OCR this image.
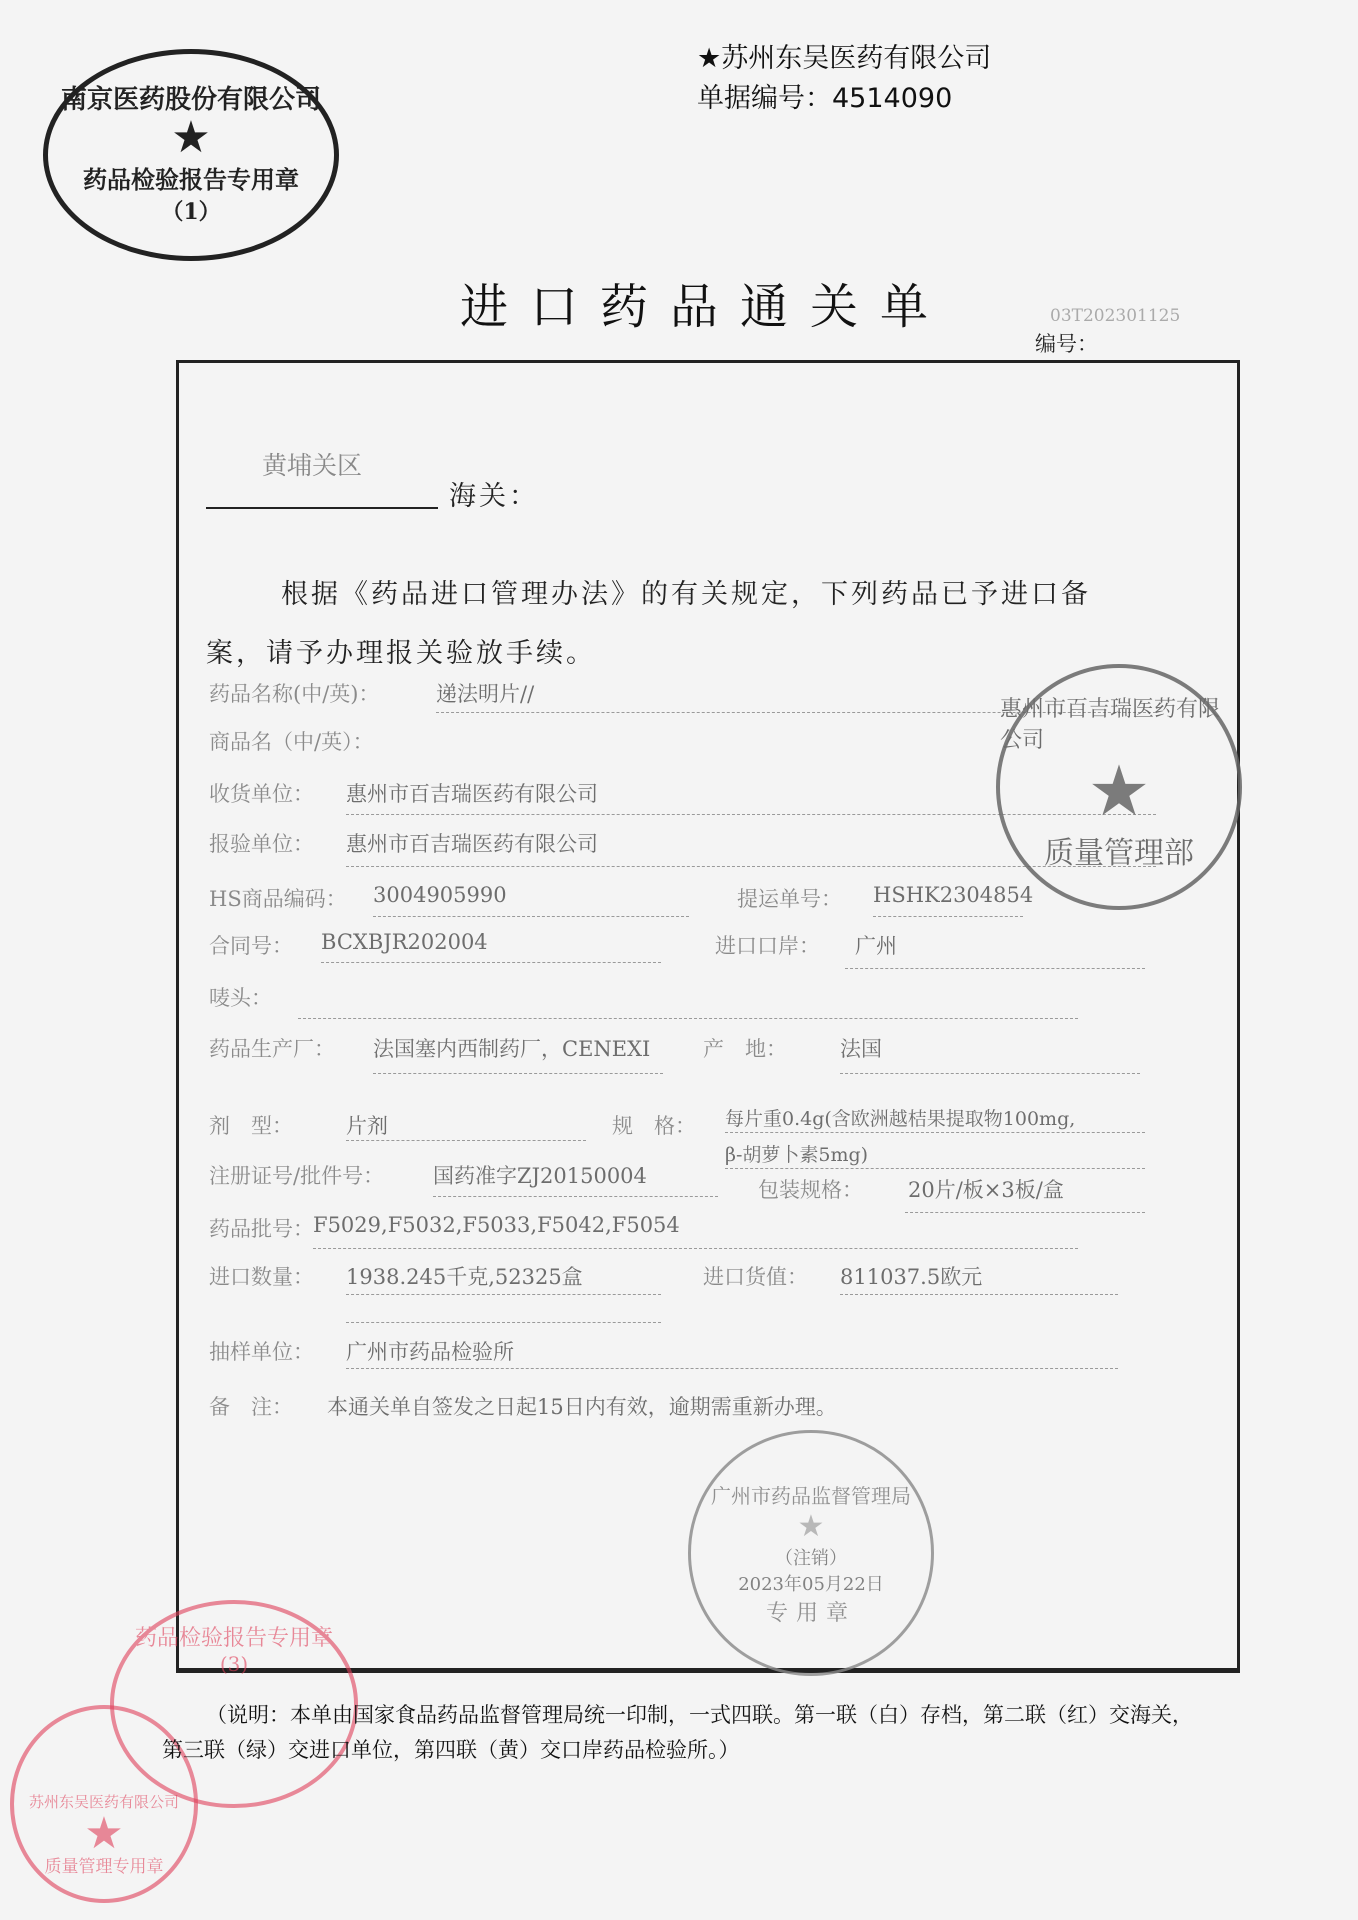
★苏州东吴医药有限公司
单据编号：4514090
进口药品通关单	03T202301125
编号：
南京医药股份有限公司
★
药品检验报告专用章
（1）
黄埔关区
海关：
根据《药品进口管理办法》的有关规定，下列药品已予进口备
案，请予办理报关验放手续。
药品名称(中/英)：	递法明片//
商品名（中/英）：
收货单位： 惠州市百吉瑞医药有限公司
报验单位： 惠州市百吉瑞医药有限公司
HS商品编码： 3004905990	提运单号： HSHK2304854
合同号： BCXBJR202004	进口口岸： 广州
唛头：
药品生产厂： 法国塞内西制药厂，CENEXI	产　地：	法国
剂　型：	片剂	规　格： 每片重0.4g(含欧洲越桔果提取物100mg,
β-胡萝卜素5mg)
注册证号/批件号： 国药准字ZJ20150004
包装规格： 20片/板×3板/盒
药品批号： F5029,F5032,F5033,F5042,F5054
进口数量： 1938.245千克,52325盒	进口货值： 811037.5欧元
抽样单位： 广州市药品检验所
备　注： 本通关单自签发之日起15日内有效，逾期需重新办理。
惠州市百吉瑞医药有限公司
★
质量管理部
广州市药品监督管理局
★
（注销）
2023年05月22日
专用章
药品检验报告专用章
(3)
苏州东吴医药有限公司
★
质量管理专用章
（说明：本单由国家食品药品监督管理局统一印制，一式四联。第一联（白）存档，第二联（红）交海关，
第三联（绿）交进口单位，第四联（黄）交口岸药品检验所。）
